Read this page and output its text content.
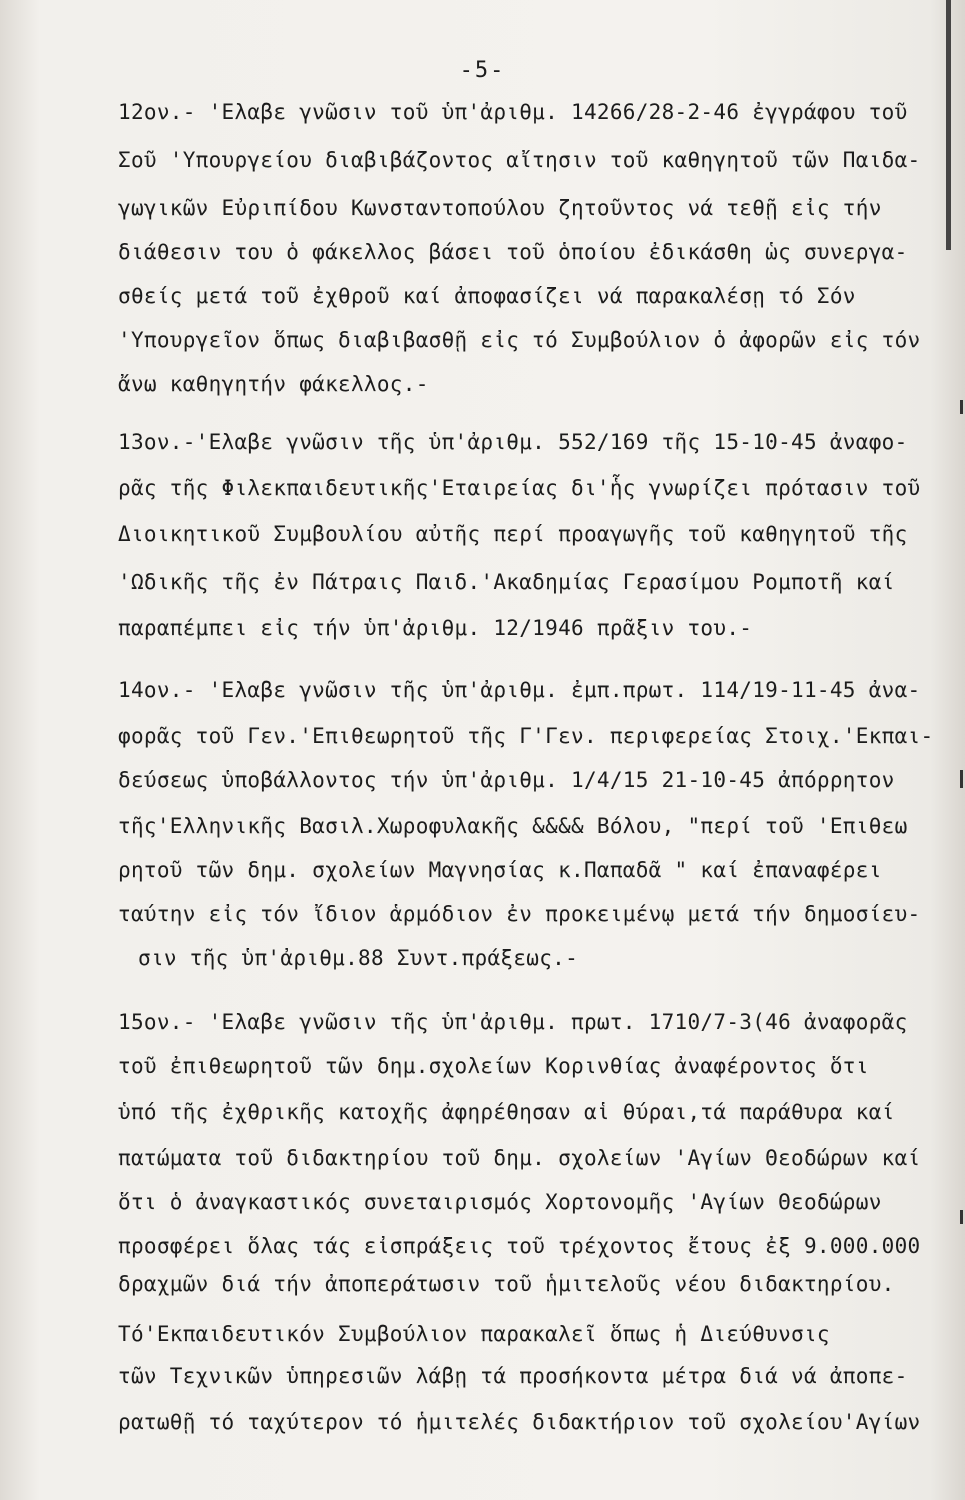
-5-
12ον.- 'Ελαβε γνῶσιν τοῦ ὑπ'ἀριθμ. 14266/28-2-46 ἐγγράφου τοῦ
Σοῦ 'Υπουργείου διαβιβάζοντος αἴτησιν τοῦ καθηγητοῦ τῶν Παιδα-
γωγικῶν Εὐριπίδου Κωνσταντοπούλου ζητοῦντος νά τεθῇ εἰς τήν
διάθεσιν του ὁ φάκελλος βάσει τοῦ ὁποίου ἐδικάσθη ὡς συνεργα-
σθείς μετά τοῦ ἐχθροῦ καί ἀποφασίζει νά παρακαλέσῃ τό Σόν
'Υπουργεῖον ὅπως διαβιβασθῇ εἰς τό Συμβούλιον ὁ ἀφορῶν εἰς τόν
ἄνω καθηγητήν φάκελλος.-
13ον.-'Ελαβε γνῶσιν τῆς ὑπ'ἀριθμ. 552/169 τῆς 15-10-45 ἀναφο-
ρᾶς τῆς Φιλεκπαιδευτικῆς'Εταιρείας δι'ἧς γνωρίζει πρότασιν τοῦ
Διοικητικοῦ Συμβουλίου αὐτῆς περί προαγωγῆς τοῦ καθηγητοῦ τῆς
'Ωδικῆς τῆς ἐν Πάτραις Παιδ.'Ακαδημίας Γερασίμου Ρομποτῆ καί
παραπέμπει εἰς τήν ὑπ'ἀριθμ. 12/1946 πρᾶξιν του.-
14ον.- 'Ελαβε γνῶσιν τῆς ὑπ'ἀριθμ. ἐμπ.πρωτ. 114/19-11-45 ἀνα-
φορᾶς τοῦ Γεν.'Επιθεωρητοῦ τῆς Γ'Γεν. περιφερείας Στοιχ.'Εκπαι-
δεύσεως ὑποβάλλοντος τήν ὑπ'ἀριθμ. 1/4/15 21-10-45 ἀπόρρητον
τῆς'Ελληνικῆς Βασιλ.Χωροφυλακῆς &&&& Βόλου, "περί τοῦ 'Επιθεω
ρητοῦ τῶν δημ. σχολείων Μαγνησίας κ.Παπαδᾶ " καί ἐπαναφέρει
ταύτην εἰς τόν ἴδιον ἁρμόδιον ἐν προκειμένῳ μετά τήν δημοσίευ-
σιν τῆς ὑπ'ἀριθμ.88 Συντ.πράξεως.-
15ον.- 'Ελαβε γνῶσιν τῆς ὑπ'ἀριθμ. πρωτ. 1710/7-3(46 ἀναφορᾶς
τοῦ ἐπιθεωρητοῦ τῶν δημ.σχολείων Κορινθίας ἀναφέροντος ὅτι
ὑπό τῆς ἐχθρικῆς κατοχῆς ἀφηρέθησαν αἱ θύραι,τά παράθυρα καί
πατώματα τοῦ διδακτηρίου τοῦ δημ. σχολείων 'Αγίων Θεοδώρων καί
ὅτι ὁ ἀναγκαστικός συνεταιρισμός Χορτονομῆς 'Αγίων Θεοδώρων
προσφέρει ὅλας τάς εἰσπράξεις τοῦ τρέχοντος ἔτους ἐξ 9.000.000
δραχμῶν διά τήν ἀποπεράτωσιν τοῦ ἡμιτελοῦς νέου διδακτηρίου.
Τό'Εκπαιδευτικόν Συμβούλιον παρακαλεῖ ὅπως ἡ Διεύθυνσις
τῶν Τεχνικῶν ὑπηρεσιῶν λάβῃ τά προσήκοντα μέτρα διά νά ἀποπε-
ρατωθῇ τό ταχύτερον τό ἡμιτελές διδακτήριον τοῦ σχολείου'Αγίων
